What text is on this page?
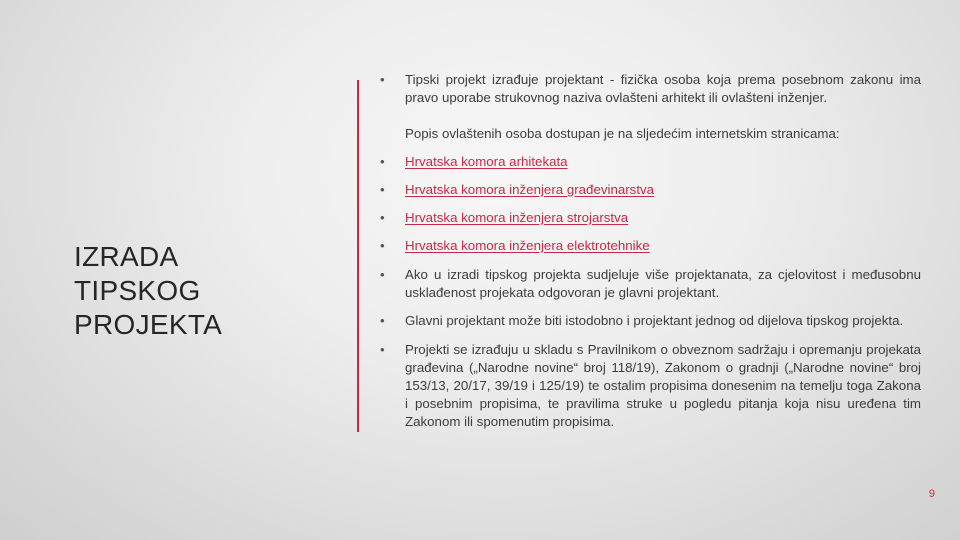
IZRADA
TIPSKOG
PROJEKTA
•	Tipski projekt izrađuje projektant - fizička osoba koja prema posebnom zakonu ima pravo uporabe strukovnog naziva ovlašteni arhitekt ili ovlašteni inženjer.
Popis ovlaštenih osoba dostupan je na sljedećim internetskim stranicama:
•	Hrvatska komora arhitekata
•	Hrvatska komora inženjera građevinarstva
•	Hrvatska komora inženjera strojarstva
•	Hrvatska komora inženjera elektrotehnike
•	Ako u izradi tipskog projekta sudjeluje više projektanata, za cjelovitost i međusobnu usklađenost projekata odgovoran je glavni projektant.
•	Glavni projektant može biti istodobno i projektant jednog od dijelova tipskog projekta.
•	Projekti se izrađuju u skladu s Pravilnikom o obveznom sadržaju i opremanju projekata građevina („Narodne novine“ broj 118/19), Zakonom o gradnji („Narodne novine“ broj 153/13, 20/17, 39/19 i 125/19) te ostalim propisima donesenim na temelju toga Zakona i posebnim propisima, te pravilima struke u pogledu pitanja koja nisu uređena tim Zakonom ili spomenutim propisima.
9
